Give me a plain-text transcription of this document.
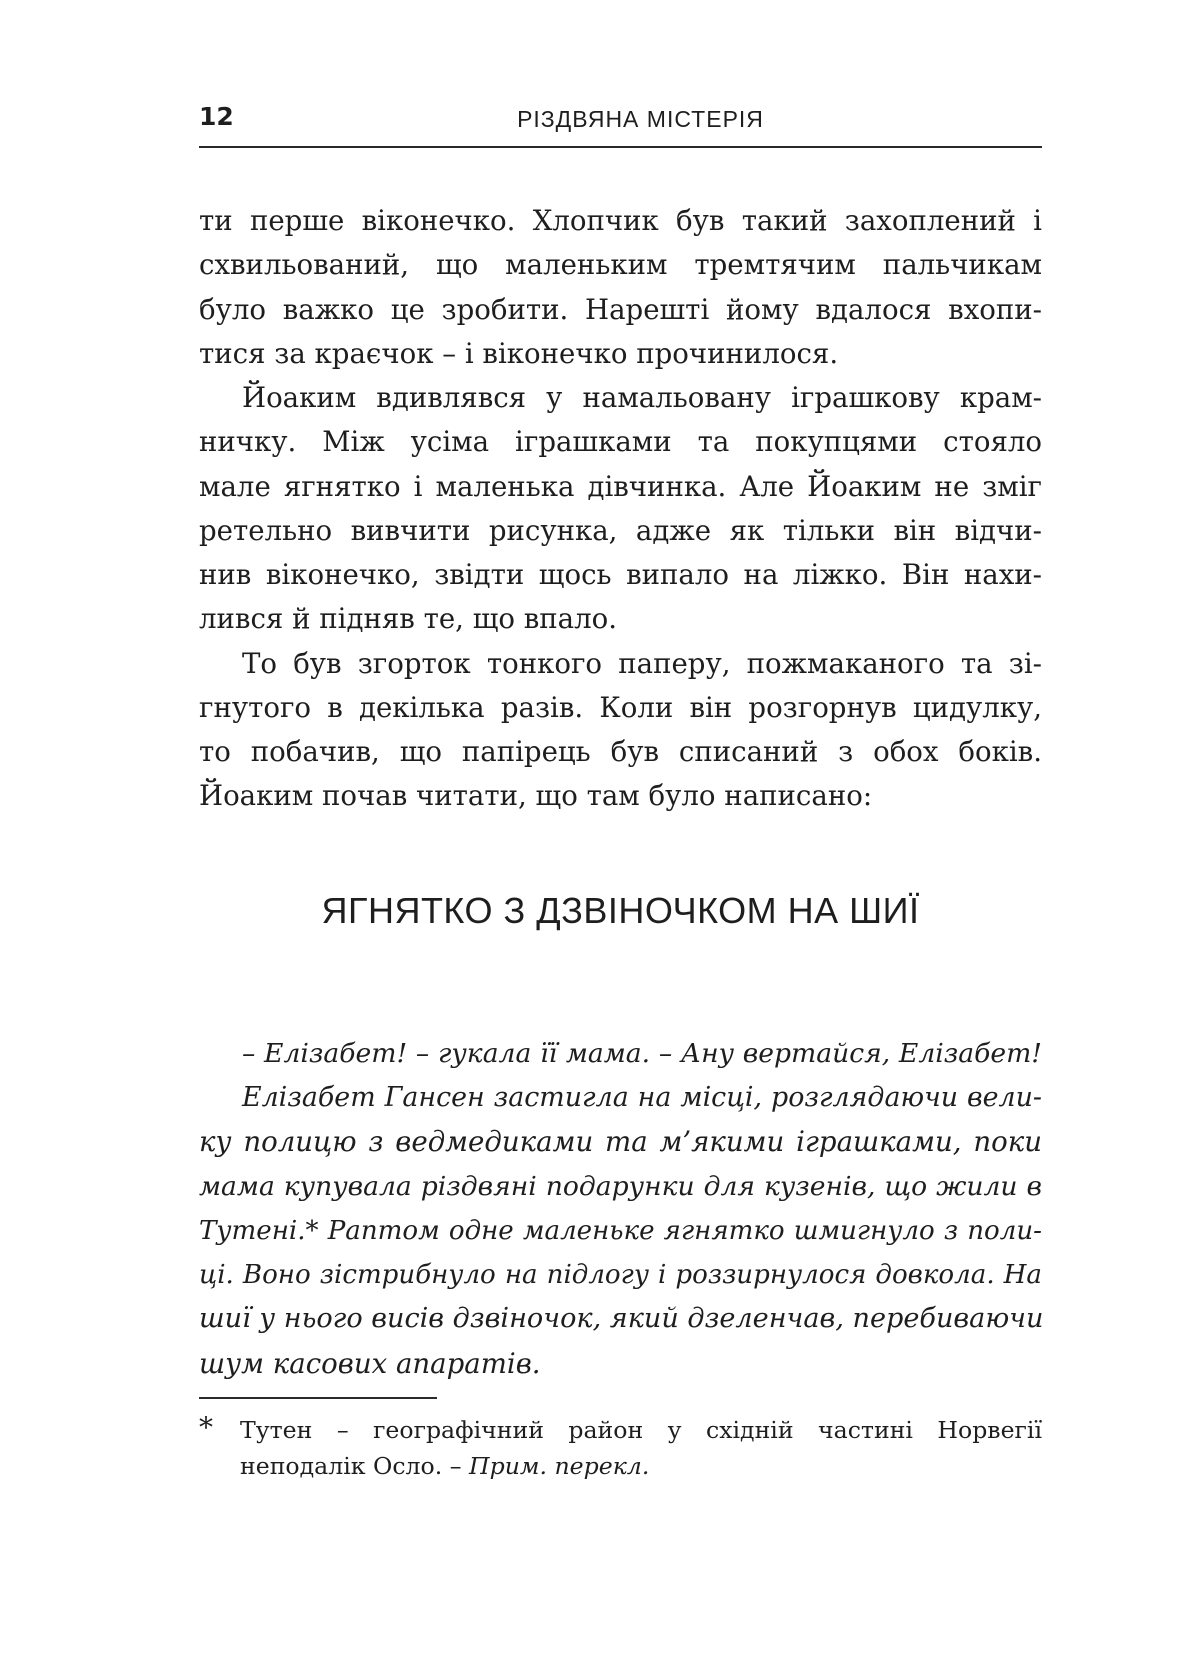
12	РІЗДВЯНА МІСТЕРІЯ
ти перше віконечко. Хлопчик був такий захоплений і
схвильований, що маленьким тремтячим пальчикам
було важко це зробити. Нарешті йому вдалося вхопи-
тися за краєчок – і віконечко прочинилося.
Йоаким вдивлявся у намальовану іграшкову крам-
ничку. Між усіма іграшками та покупцями стояло
мале ягнятко і маленька дівчинка. Але Йоаким не зміг
ретельно вивчити рисунка, адже як тільки він відчи-
нив віконечко, звідти щось випало на ліжко. Він нахи-
лився й підняв те, що впало.
То був згорток тонкого паперу, пожмаканого та зі-
гнутого в декілька разів. Коли він розгорнув цидулку,
то побачив, що папірець був списаний з обох боків.
Йоаким почав читати, що там було написано:
ЯГНЯТКО З ДЗВІНОЧКОМ НА ШИЇ
– Елізабет! – гукала її мама. – Ану вертайся, Елізабет!
Елізабет Гансен застигла на місці, розглядаючи вели-
ку полицю з ведмедиками та м’якими іграшками, поки
мама купувала різдвяні подарунки для кузенів, що жили в
Тутені.* Раптом одне маленьке ягнятко шмигнуло з поли-
ці. Воно зістрибнуло на підлогу і роззирнулося довкола. На
шиї у нього висів дзвіночок, який дзеленчав, перебиваючи
шум касових апаратів.
* Тутен – географічний район у східній частині Норвегії
неподалік Осло. – Прим. перекл.
